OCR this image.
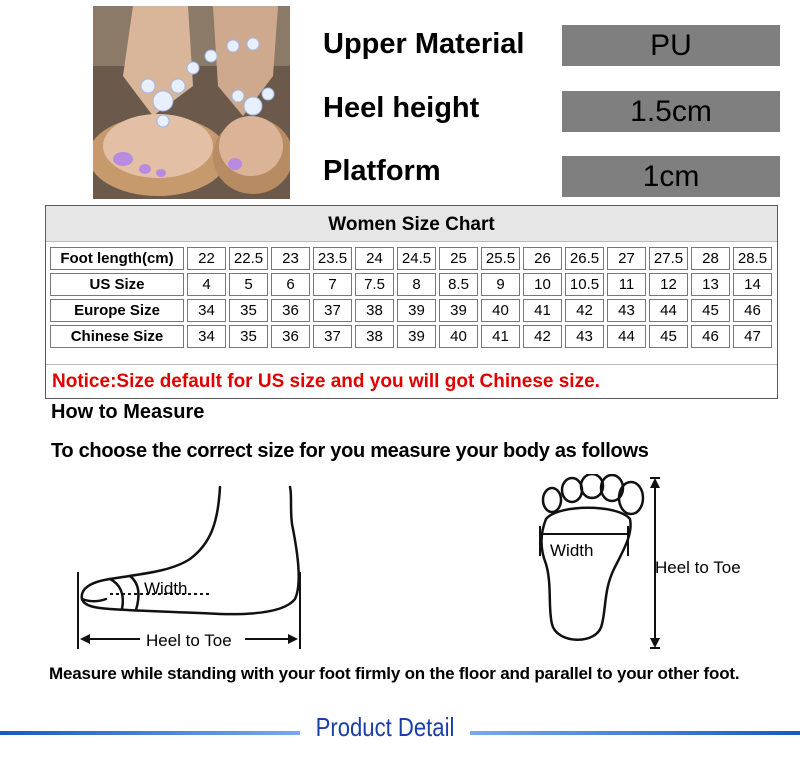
Upper Material	PU
Heel height	1.5cm
Platform	1cm
Women Size Chart
Foot length(cm)	22	22.5	23	23.5	24	24.5	25	25.5	26	26.5	27	27.5	28	28.5
US Size	4	5	6	7	7.5	8	8.5	9	10	10.5	11	12	13	14
Europe Size	34	35	36	37	38	39	39	40	41	42	43	44	45	46
Chinese Size	34	35	36	37	38	39	40	41	42	43	44	45	46	47
Notice:Size default for US size and you will got Chinese size.
How to Measure
To choose the correct size for you measure your body as follows
Width
Heel to Toe
Width
Heel to Toe
Measure while standing with your foot firmly on the floor and parallel to your other foot.
Product Detail
